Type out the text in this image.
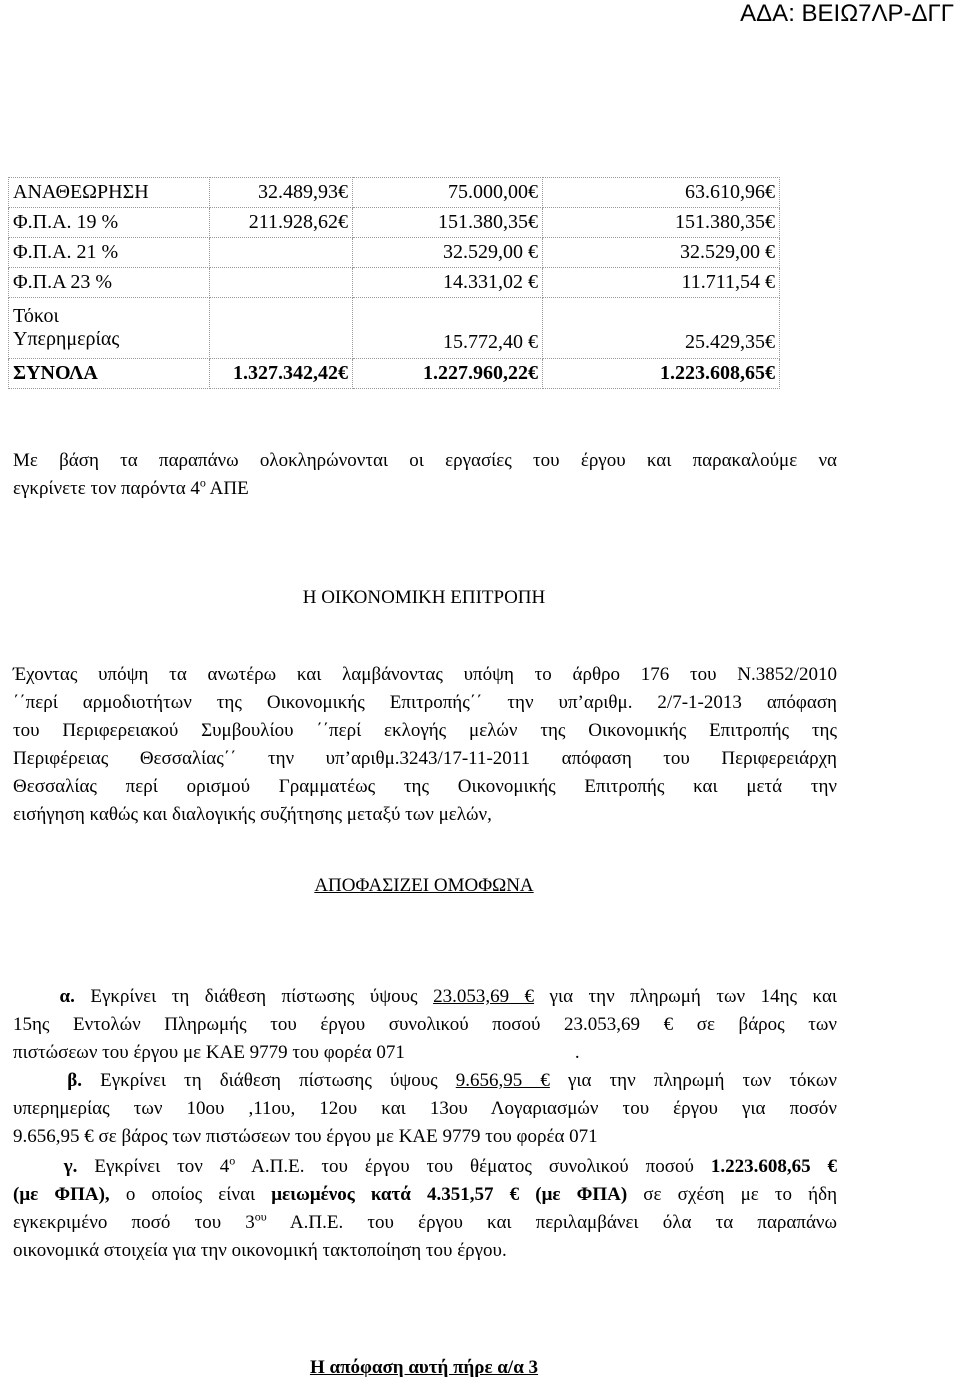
ΑΔΑ: ΒΕΙΩ7ΛΡ-ΔΓΓ
ΑΝΑΘΕΩΡΗΣΗ	32.489,93€	75.000,00€	63.610,96€
Φ.Π.Α. 19 %	211.928,62€	151.380,35€	151.380,35€
Φ.Π.Α. 21 %		32.529,00 €	32.529,00 €
Φ.Π.Α 23 %		14.331,02 €	11.711,54 €

Τόκοι
Υπερημερίας		15.772,40 €	25.429,35€
ΣΥΝΟΛΑ	1.327.342,42€	1.227.960,22€	1.223.608,65€
Με βάση τα παραπάνω ολοκληρώνονται οι εργασίες του έργου και παρακαλούμε να
εγκρίνετε τον παρόντα $4^o$ ΑΠΕ
Η ΟΙΚΟΝΟΜΙΚΗ ΕΠΙΤΡΟΠΗ
Έχοντας υπόψη τα ανωτέρω και λαμβάνοντας υπόψη το άρθρο 176 του Ν.3852/2010
΄΄περί αρμοδιοτήτων της Οικονομικής Επιτροπής΄΄ την υπ’αριθμ. 2/7-1-2013 απόφαση
του Περιφερειακού Συμβουλίου ΄΄περί εκλογής μελών της Οικονομικής Επιτροπής της
Περιφέρειας Θεσσαλίας΄΄ την υπ’αριθμ.3243/17-11-2011 απόφαση του Περιφερειάρχη
Θεσσαλίας περί ορισμού Γραμματέως της Οικονομικής Επιτροπής και μετά την
εισήγηση καθώς και διαλογικής συζήτησης μεταξύ των μελών,
ΑΠΟΦΑΣΙΖΕΙ ΟΜΟΦΩΝΑ
α. Εγκρίνει τη διάθεση πίστωσης ύψους 23.053,69 € για την πληρωμή των 14ης και
15ης Εντολών Πληρωμής του έργου συνολικού ποσού 23.053,69 € σε βάρος των
πιστώσεων του έργου με ΚΑΕ 9779 του φορέα 071	.
β. Εγκρίνει τη διάθεση πίστωσης ύψους 9.656,95 € για την πληρωμή των τόκων
υπερημερίας των 10ου ,11ου, 12ου και 13ου Λογαριασμών του έργου για ποσόν
9.656,95 € σε βάρος των πιστώσεων του έργου με ΚΑΕ 9779 του φορέα 071
γ. Εγκρίνει τον $4^o$ Α.Π.Ε. του έργου του θέματος συνολικού ποσού 1.223.608,65 €
(με ΦΠΑ), ο οποίος είναι μειωμένος κατά 4.351,57 € (με ΦΠΑ) σε σχέση με το ήδη
εγκεκριμένο ποσό του $3^{o\upsilon}$ Α.Π.Ε. του έργου και περιλαμβάνει όλα τα παραπάνω
οικονομικά στοιχεία για την οικονομική τακτοποίηση του έργου.
Η απόφαση αυτή πήρε α/α 3
